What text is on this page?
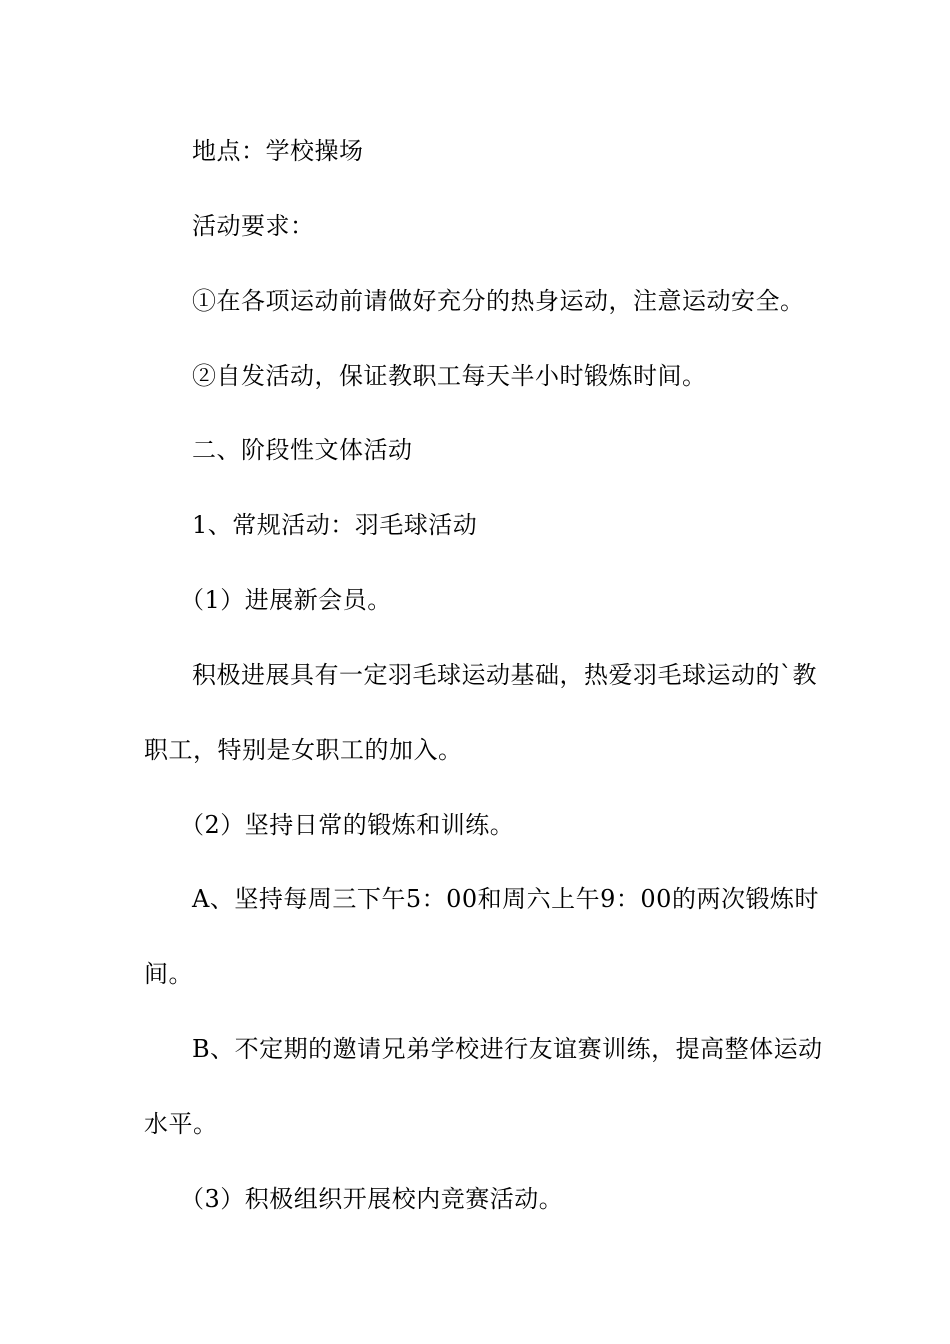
地点：学校操场
活动要求：
①在各项运动前请做好充分的热身运动，注意运动安全。
②自发活动，保证教职工每天半小时锻炼时间。
二、阶段性文体活动
1、常规活动：羽毛球活动
（1）进展新会员。
积极进展具有一定羽毛球运动基础，热爱羽毛球运动的`教
职工，特别是女职工的加入。
（2）坚持日常的锻炼和训练。
A、坚持每周三下午5：00和周六上午9：00的两次锻炼时
间。
B、不定期的邀请兄弟学校进行友谊赛训练，提高整体运动
水平。
（3）积极组织开展校内竞赛活动。
